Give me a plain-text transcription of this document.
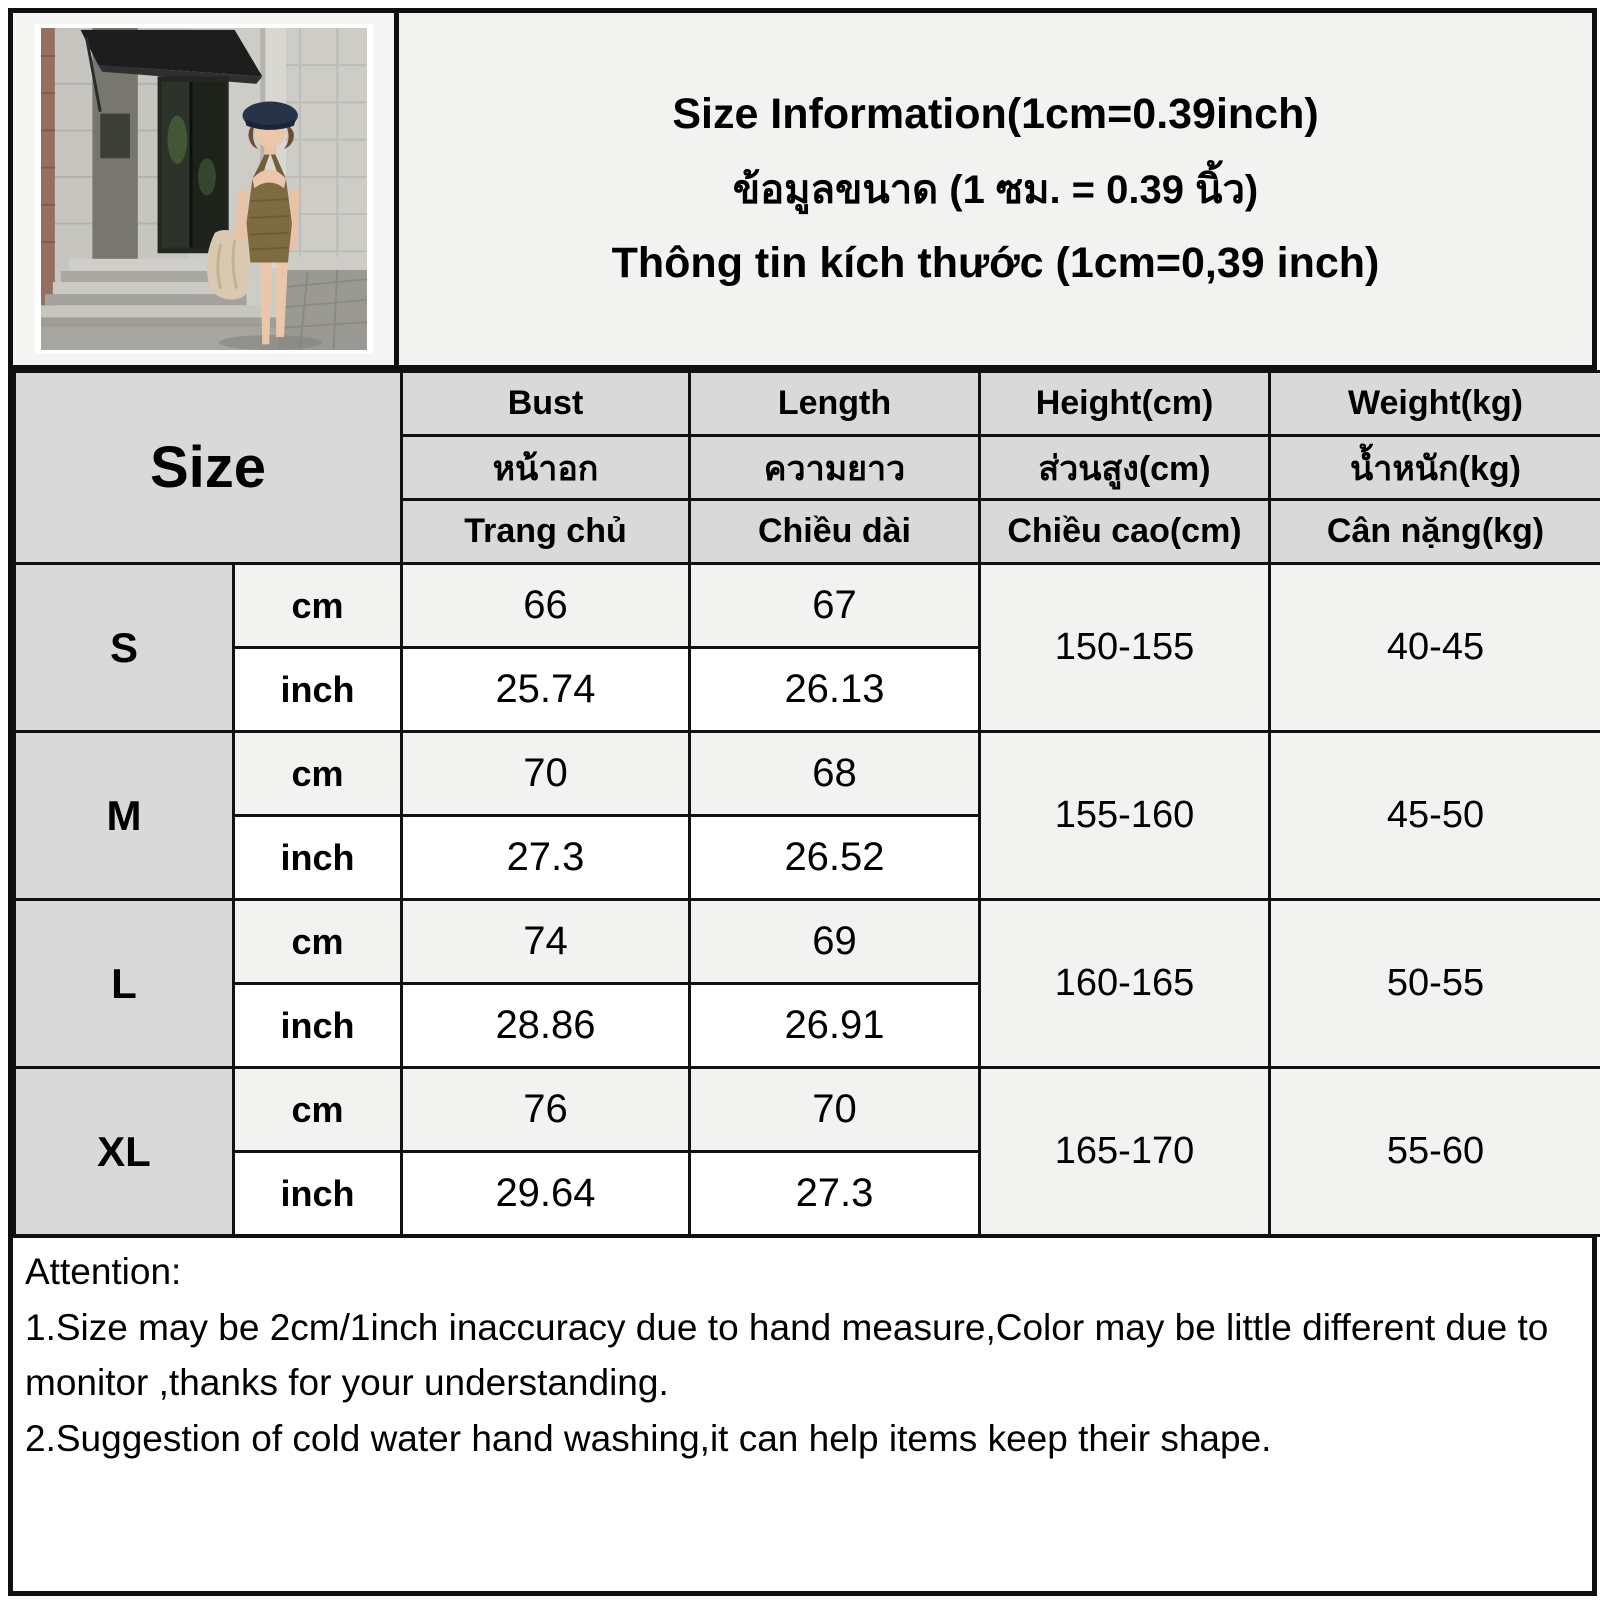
Size Information(1cm=0.39inch)
ข้อมูลขนาด (1 ซม. = 0.39 นิ้ว)
Thông tin kích thước (1cm=0,39 inch)
Size		Bust	Length	Height(cm)	Weight(kg)
		หน้าอก	ความยาว	ส่วนสูง(cm)	น้ำหนัก(kg)
		Trang chủ	Chiều dài	Chiều cao(cm)	Cân nặng(kg)
S	cm	66	67	150-155	40-45
	inch	25.74	26.13		
M	cm	70	68	155-160	45-50
	inch	27.3	26.52		
L	cm	74	69	160-165	50-55
	inch	28.86	26.91		
XL	cm	76	70	165-170	55-60
	inch	29.64	27.3		

Attention:

1.Size may be 2cm/1inch inaccuracy due to hand measure,Color may be little different due to monitor ,thanks for your understanding.

2.Suggestion of cold water hand washing,it can help items keep their shape.
